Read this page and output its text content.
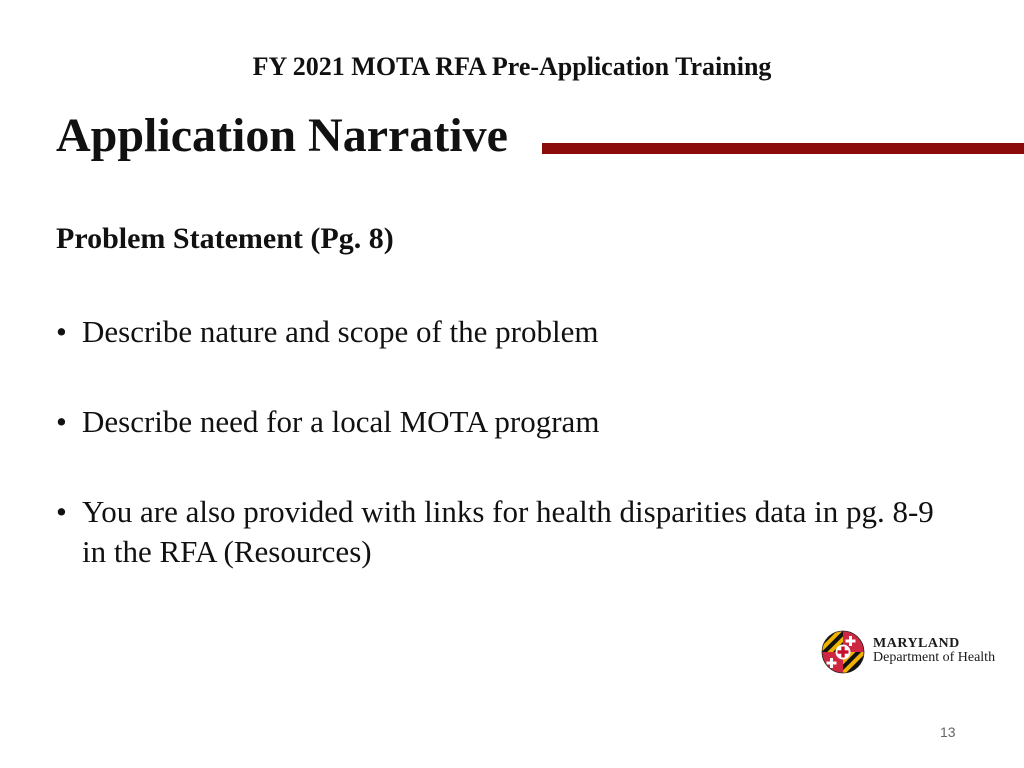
FY 2021 MOTA RFA Pre-Application Training
Application Narrative
Problem Statement (Pg. 8)
• Describe nature and scope of the problem
• Describe need for a local MOTA program
• You are also provided with links for health disparities data in pg. 8-9 in the RFA (Resources)
MARYLAND
Department of Health
13
